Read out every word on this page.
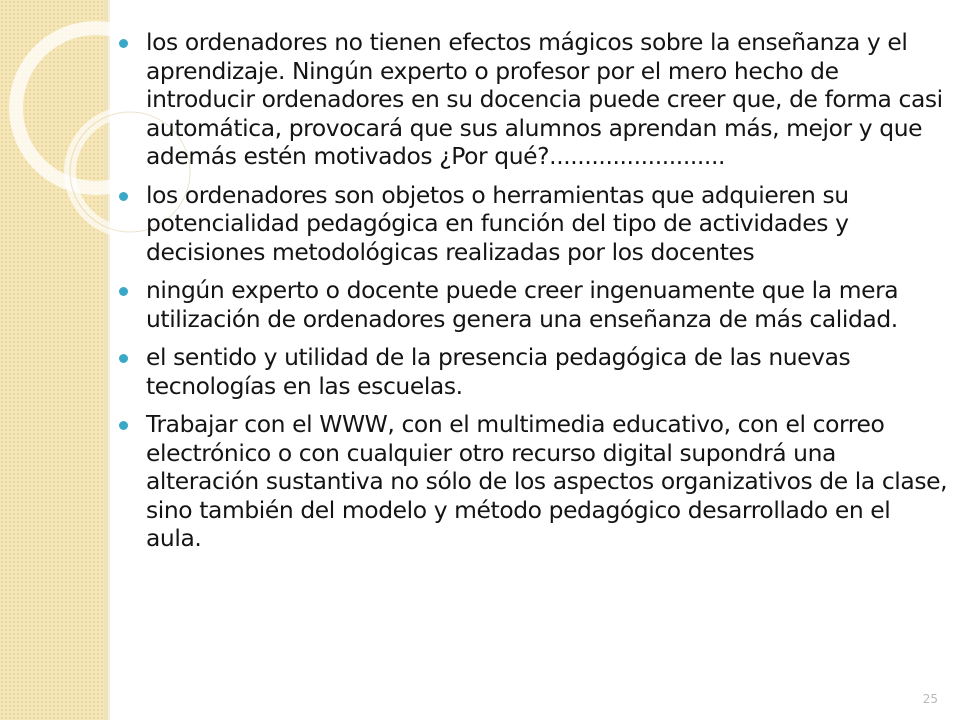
los ordenadores no tienen efectos mágicos sobre la enseñanza y el aprendizaje. Ningún experto o profesor por el mero hecho de introducir ordenadores en su docencia puede creer que, de forma casi automática, provocará que sus alumnos aprendan más, mejor y que además estén motivados ¿Por qué?.........................
los ordenadores son objetos o herramientas que adquieren su potencialidad pedagógica en función del tipo de actividades y decisiones metodológicas realizadas por los docentes
ningún experto o docente puede creer ingenuamente que la mera utilización de ordenadores genera una enseñanza de más calidad.
el sentido y utilidad de la presencia pedagógica de las nuevas tecnologías en las escuelas.
Trabajar con el WWW, con el multimedia educativo, con el correo electrónico o con cualquier otro recurso digital supondrá una alteración sustantiva no sólo de los aspectos organizativos de la clase, sino también del modelo y método pedagógico desarrollado en el aula.
25
